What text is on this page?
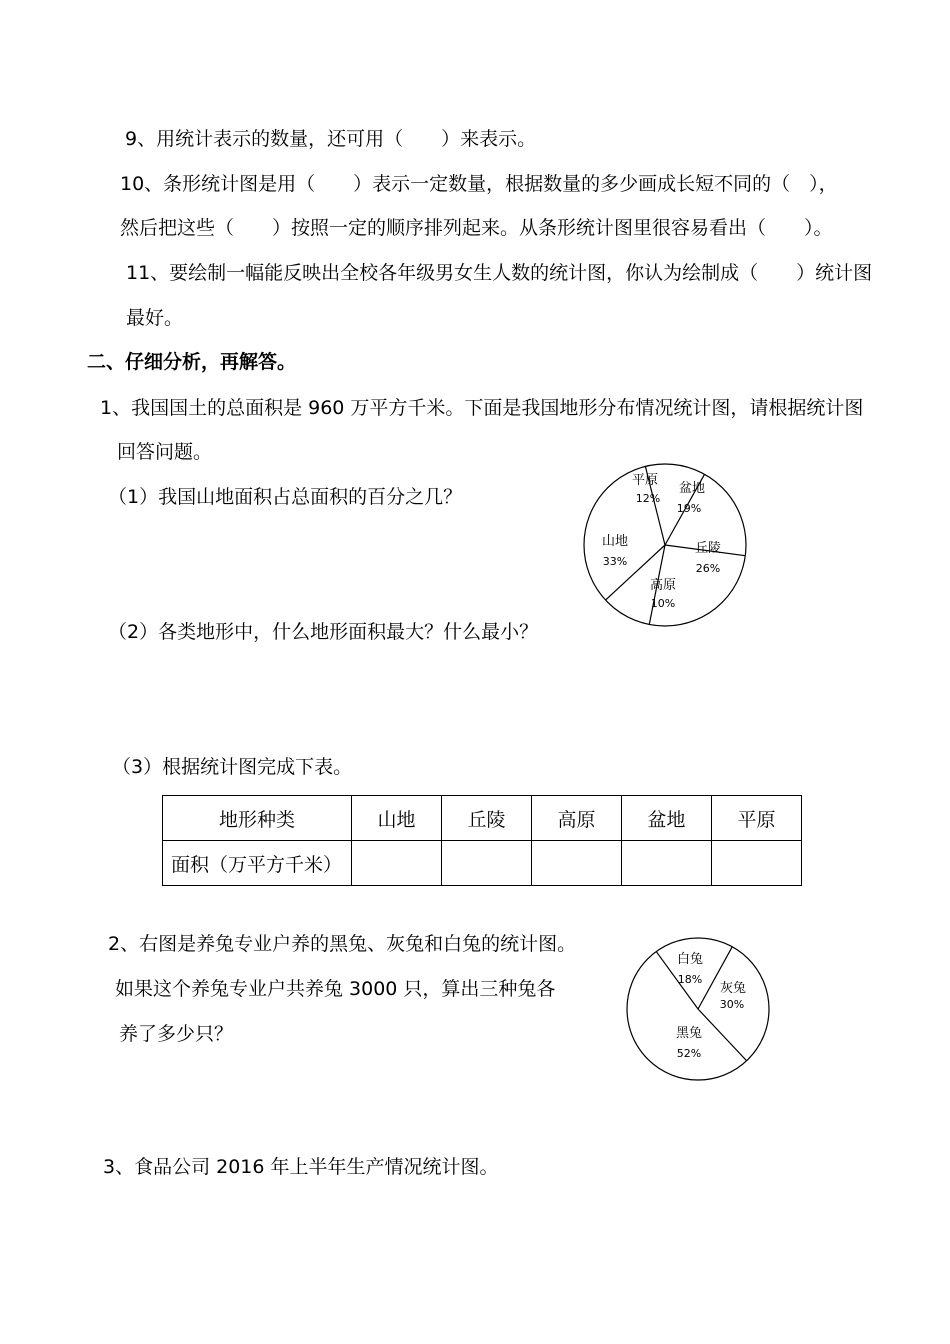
9、用统计表示的数量，还可用（　　）来表示。
10、条形统计图是用（　　）表示一定数量，根据数量的多少画成长短不同的（　），
然后把这些（　　）按照一定的顺序排列起来。从条形统计图里很容易看出（　　）。
11、要绘制一幅能反映出全校各年级男女生人数的统计图，你认为绘制成（　　）统计图
最好。
二、仔细分析，再解答。
1、我国国土的总面积是 960 万平方千米。下面是我国地形分布情况统计图，请根据统计图
回答问题。
（1）我国山地面积占总面积的百分之几？
（2）各类地形中，什么地形面积最大？什么最小？
（3）根据统计图完成下表。
平原
12%
盆地
19%
丘陵
26%
高原
10%
山地
33%
地形种类	山地	丘陵	高原	盆地	平原
面积（万平方千米）					
2、右图是养兔专业户养的黑兔、灰兔和白兔的统计图。
如果这个养兔专业户共养兔 3000 只，算出三种兔各
养了多少只？
白兔
18%
灰兔
30%
黑兔
52%
3、食品公司 2016 年上半年生产情况统计图。
